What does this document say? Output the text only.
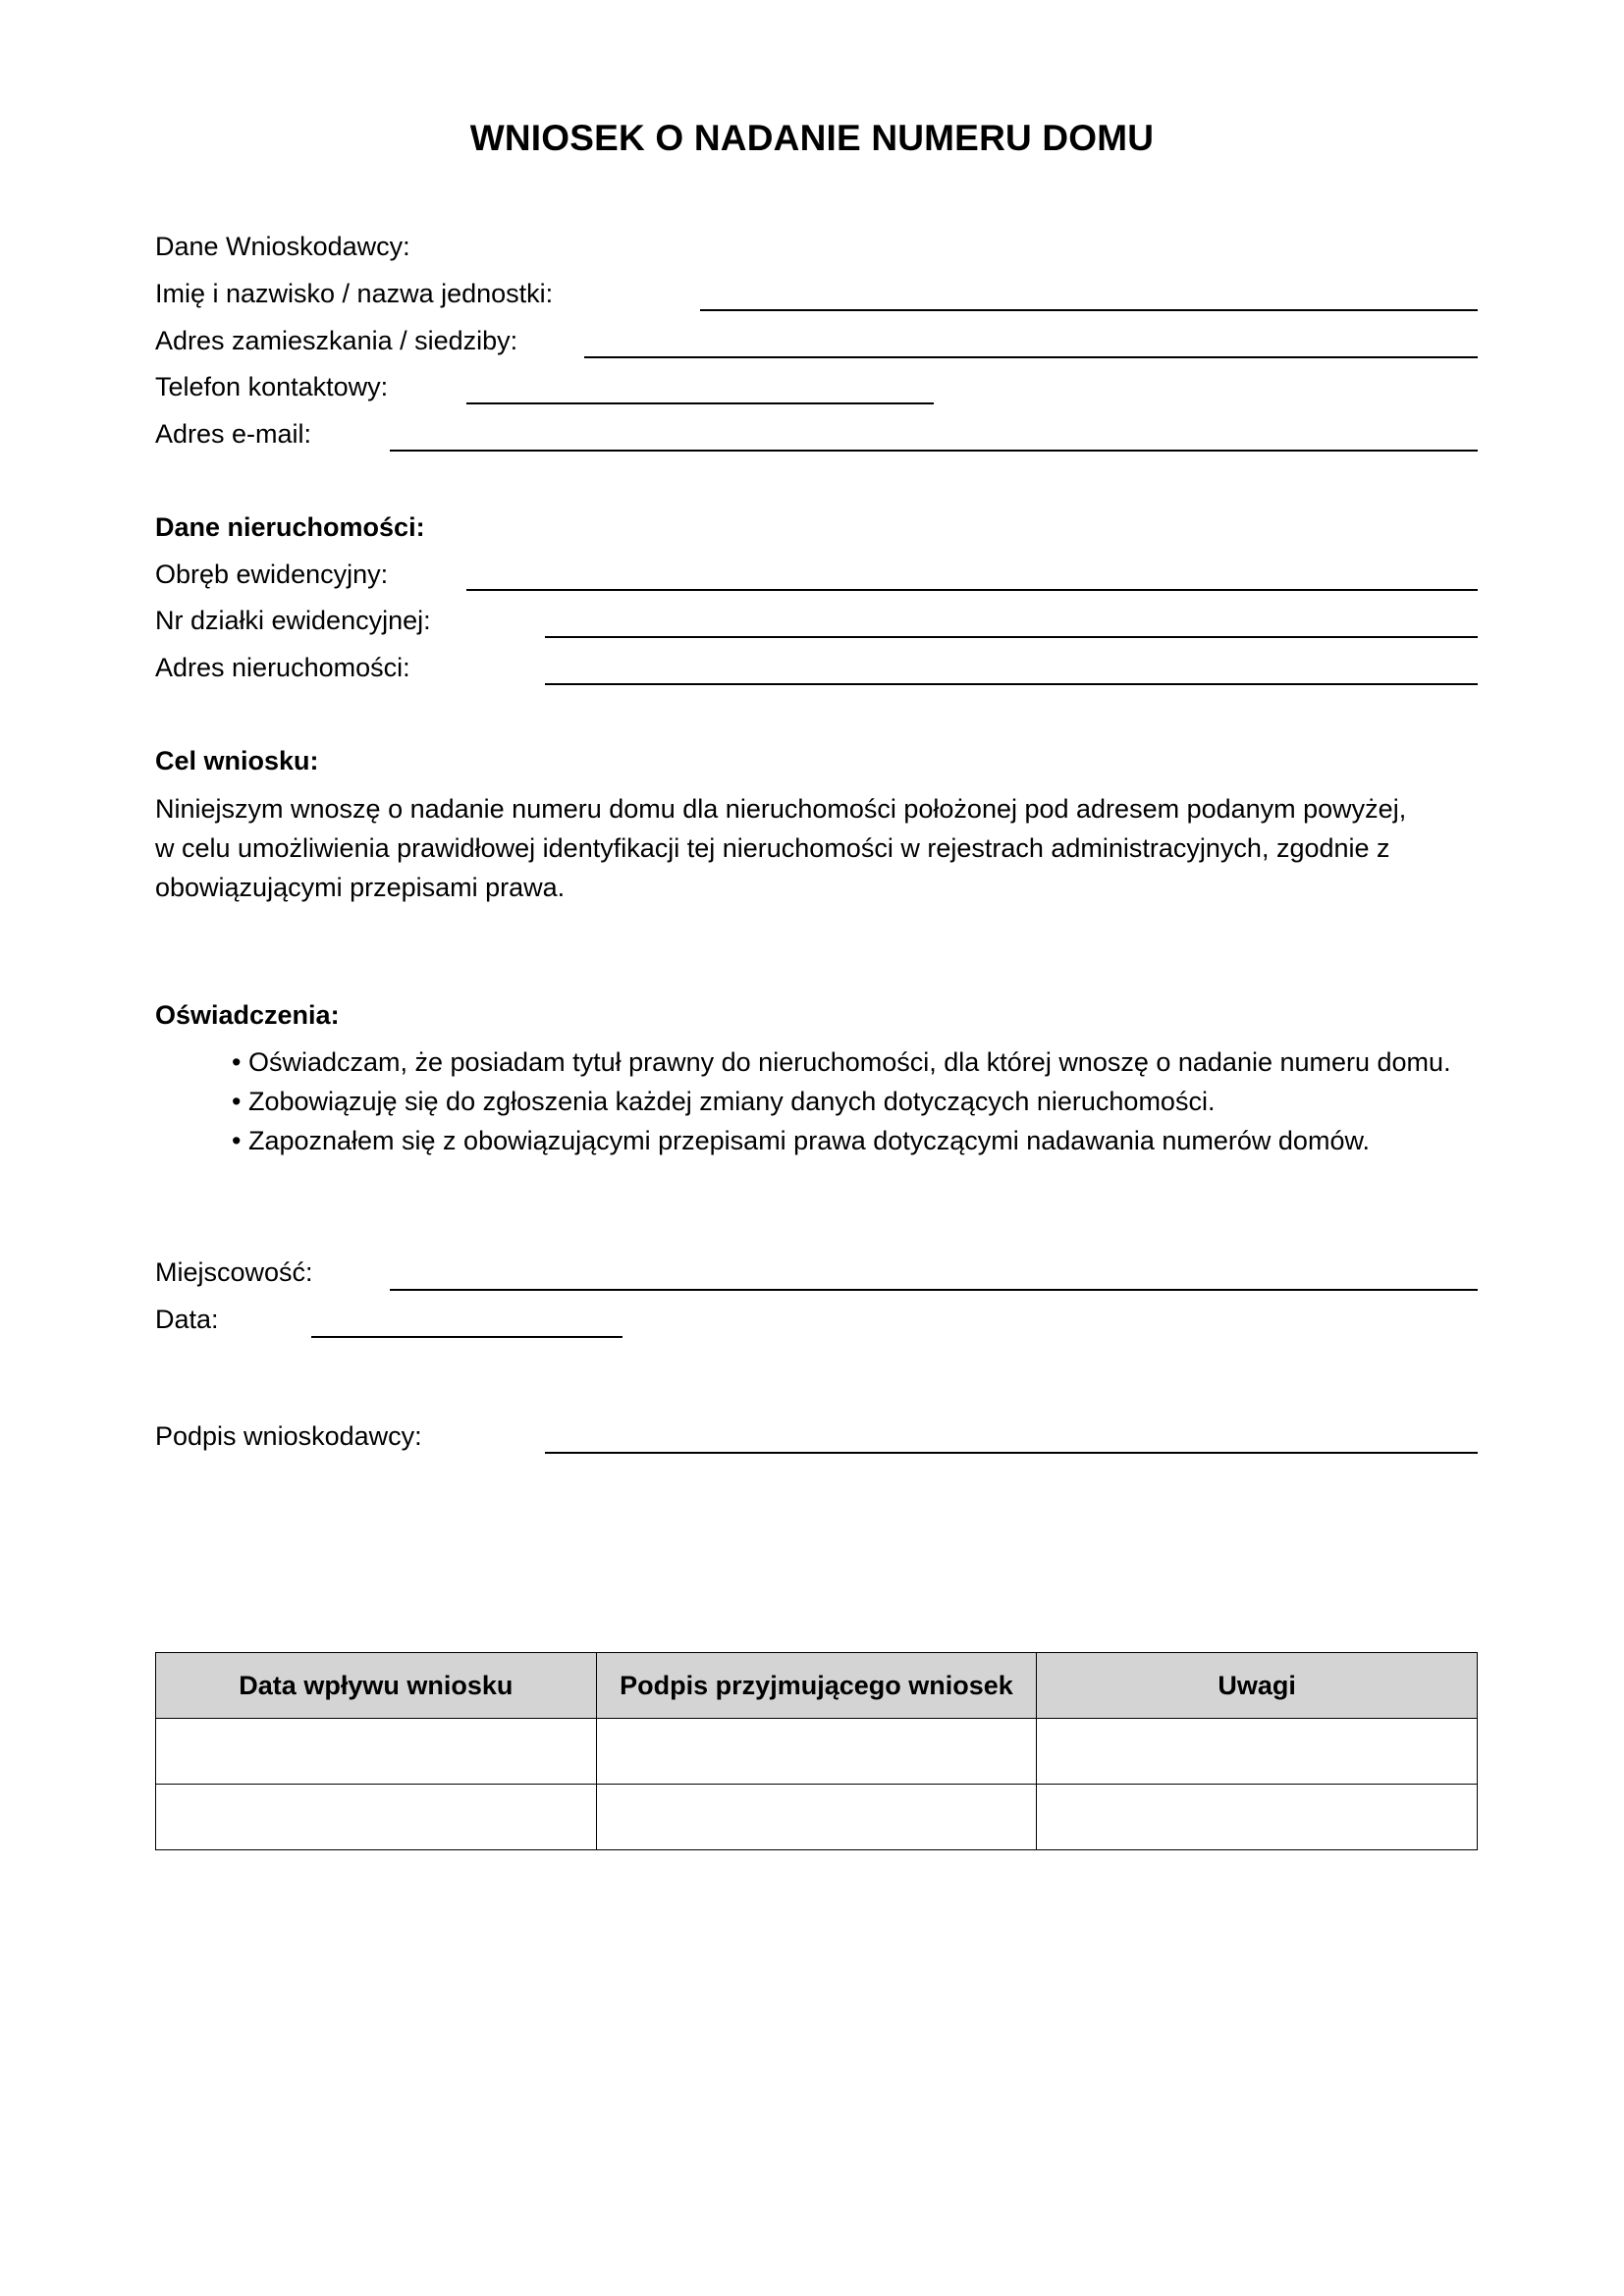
WNIOSEK O NADANIE NUMERU DOMU
Dane Wnioskodawcy:
Imię i nazwisko / nazwa jednostki:
Adres zamieszkania / siedziby:
Telefon kontaktowy:
Adres e-mail:
Dane nieruchomości:
Obręb ewidencyjny:
Nr działki ewidencyjnej:
Adres nieruchomości:
Cel wniosku:
Niniejszym wnoszę o nadanie numeru domu dla nieruchomości położonej pod adresem podanym powyżej,
w celu umożliwienia prawidłowej identyfikacji tej nieruchomości w rejestrach administracyjnych, zgodnie z
obowiązującymi przepisami prawa.
Oświadczenia:
• Oświadczam, że posiadam tytuł prawny do nieruchomości, dla której wnoszę o nadanie numeru domu.
• Zobowiązuję się do zgłoszenia każdej zmiany danych dotyczących nieruchomości.
• Zapoznałem się z obowiązującymi przepisami prawa dotyczącymi nadawania numerów domów.
Miejscowość:
Data:
Podpis wnioskodawcy:
Data wpływu wniosku	Podpis przyjmującego wniosek	Uwagi
